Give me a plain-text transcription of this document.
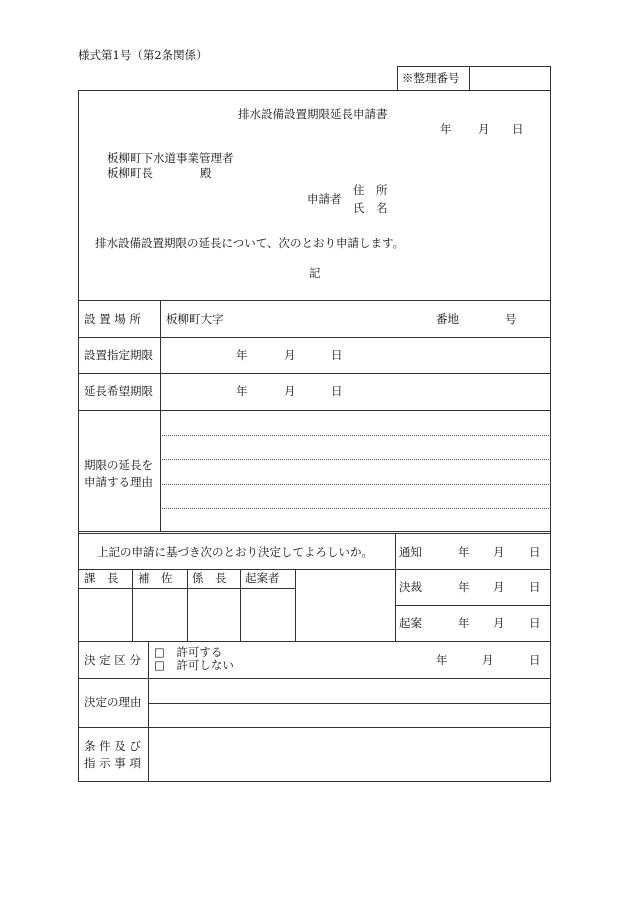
様式第1号（第2条関係）
※整理番号
排水設備設置期限延長申請書
年 月 日
板柳町下水道事業管理者
板柳町長	殿
申請者
住　所
氏　名
排水設備設置期限の延長について、次のとおり申請します。
記
設 置 場 所 板柳町大字	番地	号
設置指定期限	年	月	日
延長希望期限	年	月	日
期限の延長を
申請する理由
上記の申請に基づき次のとおり決定してよろしいか。
課　長 補　佐 係　長 起案者
通知	年 月 日
決裁	年 月 日
起案	年 月 日
決 定 区 分
□　許可する
□　許可しない	年	月	日
決定の理由
条 件 及 び
指 示 事 項
